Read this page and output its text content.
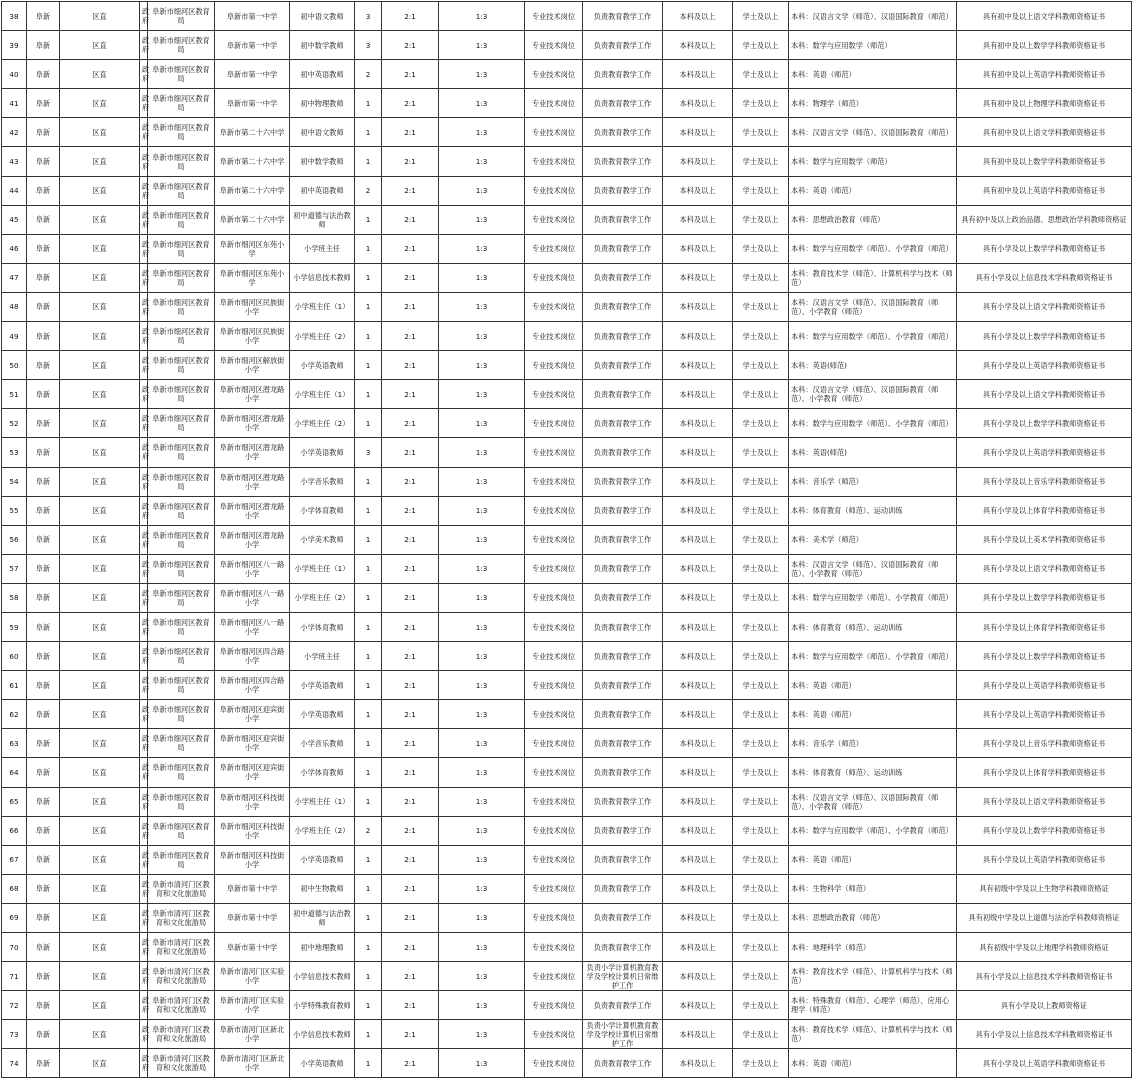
38	阜新	区直	政府	阜新市细河区教育局	阜新市第一中学	初中语文教师	3	2:1	1:3	专业技术岗位	负责教育教学工作	本科及以上	学士及以上	本科：汉语言文学（师范）、汉语国际教育（师范）	具有初中及以上语文学科教师资格证书
39	阜新	区直	政府	阜新市细河区教育局	阜新市第一中学	初中数学教师	3	2:1	1:3	专业技术岗位	负责教育教学工作	本科及以上	学士及以上	本科：数学与应用数学（师范）	具有初中及以上数学学科教师资格证书
40	阜新	区直	政府	阜新市细河区教育局	阜新市第一中学	初中英语教师	2	2:1	1:3	专业技术岗位	负责教育教学工作	本科及以上	学士及以上	本科：英语（师范）	具有初中及以上英语学科教师资格证书
41	阜新	区直	政府	阜新市细河区教育局	阜新市第一中学	初中物理教师	1	2:1	1:3	专业技术岗位	负责教育教学工作	本科及以上	学士及以上	本科：物理学（师范）	具有初中及以上物理学科教师资格证书
42	阜新	区直	政府	阜新市细河区教育局	阜新市第二十六中学	初中语文教师	1	2:1	1:3	专业技术岗位	负责教育教学工作	本科及以上	学士及以上	本科：汉语言文学（师范）、汉语国际教育（师范）	具有初中及以上语文学科教师资格证书
43	阜新	区直	政府	阜新市细河区教育局	阜新市第二十六中学	初中数学教师	1	2:1	1:3	专业技术岗位	负责教育教学工作	本科及以上	学士及以上	本科：数学与应用数学（师范）	具有初中及以上数学学科教师资格证书
44	阜新	区直	政府	阜新市细河区教育局	阜新市第二十六中学	初中英语教师	2	2:1	1:3	专业技术岗位	负责教育教学工作	本科及以上	学士及以上	本科：英语（师范）	具有初中及以上英语学科教师资格证书
45	阜新	区直	政府	阜新市细河区教育局	阜新市第二十六中学	初中道德与法治教师	1	2:1	1:3	专业技术岗位	负责教育教学工作	本科及以上	学士及以上	本科：思想政治教育（师范）	具有初中及以上政治品德、思想政治学科教师资格证
46	阜新	区直	政府	阜新市细河区教育局	阜新市细河区东苑小学	小学班主任	1	2:1	1:3	专业技术岗位	负责教育教学工作	本科及以上	学士及以上	本科：数学与应用数学（师范）、小学教育（师范）	具有小学及以上数学学科教师资格证书
47	阜新	区直	政府	阜新市细河区教育局	阜新市细河区东苑小学	小学信息技术教师	1	2:1	1:3	专业技术岗位	负责教育教学工作	本科及以上	学士及以上	本科：教育技术学（师范）、计算机科学与技术（师范）	具有小学及以上信息技术学科教师资格证书
48	阜新	区直	政府	阜新市细河区教育局	阜新市细河区民族街小学	小学班主任（1）	1	2:1	1:3	专业技术岗位	负责教育教学工作	本科及以上	学士及以上	本科：汉语言文学（师范）、汉语国际教育（师范）、小学教育（师范）	具有小学及以上语文学科教师资格证书
49	阜新	区直	政府	阜新市细河区教育局	阜新市细河区民族街小学	小学班主任（2）	1	2:1	1:3	专业技术岗位	负责教育教学工作	本科及以上	学士及以上	本科：数学与应用数学（师范）、小学教育（师范）	具有小学及以上数学学科教师资格证书
50	阜新	区直	政府	阜新市细河区教育局	阜新市细河区解放街小学	小学英语教师	1	2:1	1:3	专业技术岗位	负责教育教学工作	本科及以上	学士及以上	本科：英语(师范)	具有小学及以上英语学科教师资格证书
51	阜新	区直	政府	阜新市细河区教育局	阜新市细河区潜龙路小学	小学班主任（1）	1	2:1	1:3	专业技术岗位	负责教育教学工作	本科及以上	学士及以上	本科：汉语言文学（师范）、汉语国际教育（师范）、小学教育（师范）	具有小学及以上语文学科教师资格证书
52	阜新	区直	政府	阜新市细河区教育局	阜新市细河区潜龙路小学	小学班主任（2）	1	2:1	1:3	专业技术岗位	负责教育教学工作	本科及以上	学士及以上	本科：数学与应用数学（师范）、小学教育（师范）	具有小学及以上数学学科教师资格证书
53	阜新	区直	政府	阜新市细河区教育局	阜新市细河区潜龙路小学	小学英语教师	3	2:1	1:3	专业技术岗位	负责教育教学工作	本科及以上	学士及以上	本科：英语(师范)	具有小学及以上英语学科教师资格证书
54	阜新	区直	政府	阜新市细河区教育局	阜新市细河区潜龙路小学	小学音乐教师	1	2:1	1:3	专业技术岗位	负责教育教学工作	本科及以上	学士及以上	本科：音乐学（师范）	具有小学及以上音乐学科教师资格证书
55	阜新	区直	政府	阜新市细河区教育局	阜新市细河区潜龙路小学	小学体育教师	1	2:1	1:3	专业技术岗位	负责教育教学工作	本科及以上	学士及以上	本科：体育教育（师范）、运动训练	具有小学及以上体育学科教师资格证书
56	阜新	区直	政府	阜新市细河区教育局	阜新市细河区潜龙路小学	小学美术教师	1	2:1	1:3	专业技术岗位	负责教育教学工作	本科及以上	学士及以上	本科：美术学（师范）	具有小学及以上美术学科教师资格证书
57	阜新	区直	政府	阜新市细河区教育局	阜新市细河区八一路小学	小学班主任（1）	1	2:1	1:3	专业技术岗位	负责教育教学工作	本科及以上	学士及以上	本科：汉语言文学（师范）、汉语国际教育（师范）、小学教育（师范）	具有小学及以上语文学科教师资格证书
58	阜新	区直	政府	阜新市细河区教育局	阜新市细河区八一路小学	小学班主任（2）	1	2:1	1:3	专业技术岗位	负责教育教学工作	本科及以上	学士及以上	本科：数学与应用数学（师范）、小学教育（师范）	具有小学及以上数学学科教师资格证书
59	阜新	区直	政府	阜新市细河区教育局	阜新市细河区八一路小学	小学体育教师	1	2:1	1:3	专业技术岗位	负责教育教学工作	本科及以上	学士及以上	本科：体育教育（师范）、运动训练	具有小学及以上体育学科教师资格证书
60	阜新	区直	政府	阜新市细河区教育局	阜新市细河区四合路小学	小学班主任	1	2:1	1:3	专业技术岗位	负责教育教学工作	本科及以上	学士及以上	本科：数学与应用数学（师范）、小学教育（师范）	具有小学及以上数学学科教师资格证书
61	阜新	区直	政府	阜新市细河区教育局	阜新市细河区四合路小学	小学英语教师	1	2:1	1:3	专业技术岗位	负责教育教学工作	本科及以上	学士及以上	本科：英语（师范）	具有小学及以上英语学科教师资格证书
62	阜新	区直	政府	阜新市细河区教育局	阜新市细河区迎宾街小学	小学英语教师	1	2:1	1:3	专业技术岗位	负责教育教学工作	本科及以上	学士及以上	本科：英语（师范）	具有小学及以上英语学科教师资格证书
63	阜新	区直	政府	阜新市细河区教育局	阜新市细河区迎宾街小学	小学音乐教师	1	2:1	1:3	专业技术岗位	负责教育教学工作	本科及以上	学士及以上	本科：音乐学（师范）	具有小学及以上音乐学科教师资格证书
64	阜新	区直	政府	阜新市细河区教育局	阜新市细河区迎宾街小学	小学体育教师	1	2:1	1:3	专业技术岗位	负责教育教学工作	本科及以上	学士及以上	本科：体育教育（师范）、运动训练	具有小学及以上体育学科教师资格证书
65	阜新	区直	政府	阜新市细河区教育局	阜新市细河区科技街小学	小学班主任（1）	1	2:1	1:3	专业技术岗位	负责教育教学工作	本科及以上	学士及以上	本科：汉语言文学（师范）、汉语国际教育（师范）、小学教育（师范）	具有小学及以上语文学科教师资格证书
66	阜新	区直	政府	阜新市细河区教育局	阜新市细河区科技街小学	小学班主任（2）	2	2:1	1:3	专业技术岗位	负责教育教学工作	本科及以上	学士及以上	本科：数学与应用数学（师范）、小学教育（师范）	具有小学及以上数学学科教师资格证书
67	阜新	区直	政府	阜新市细河区教育局	阜新市细河区科技街小学	小学英语教师	1	2:1	1:3	专业技术岗位	负责教育教学工作	本科及以上	学士及以上	本科：英语（师范）	具有小学及以上英语学科教师资格证书
68	阜新	区直	政府	阜新市清河门区教育和文化旅游局	阜新市第十中学	初中生物教师	1	2:1	1:3	专业技术岗位	负责教育教学工作	本科及以上	学士及以上	本科：生物科学（师范）	具有初级中学及以上生物学科教师资格证
69	阜新	区直	政府	阜新市清河门区教育和文化旅游局	阜新市第十中学	初中道德与法治教师	1	2:1	1:3	专业技术岗位	负责教育教学工作	本科及以上	学士及以上	本科：思想政治教育（师范）	具有初级中学及以上道德与法治学科教师资格证
70	阜新	区直	政府	阜新市清河门区教育和文化旅游局	阜新市第十中学	初中地理教师	1	2:1	1:3	专业技术岗位	负责教育教学工作	本科及以上	学士及以上	本科：地理科学（师范）	具有初级中学及以上地理学科教师资格证
71	阜新	区直	政府	阜新市清河门区教育和文化旅游局	阜新市清河门区实验小学	小学信息技术教师	1	2:1	1:3	专业技术岗位	负责小学计算机教育教学及学校计算机日常维护工作	本科及以上	学士及以上	本科：教育技术学（师范）、计算机科学与技术（师范）	具有小学及以上信息技术学科教师资格证书
72	阜新	区直	政府	阜新市清河门区教育和文化旅游局	阜新市清河门区实验小学	小学特殊教育教师	1	2:1	1:3	专业技术岗位	负责教育教学工作	本科及以上	学士及以上	本科：特殊教育（师范）、心理学（师范）、应用心理学（师范）	具有小学及以上教师资格证
73	阜新	区直	政府	阜新市清河门区教育和文化旅游局	阜新市清河门区新北小学	小学信息技术教师	1	2:1	1:3	专业技术岗位	负责小学计算机教育教学及学校计算机日常维护工作	本科及以上	学士及以上	本科：教育技术学（师范）、计算机科学与技术（师范）	具有小学及以上信息技术学科教师资格证书
74	阜新	区直	政府	阜新市清河门区教育和文化旅游局	阜新市清河门区新北小学	小学英语教师	1	2:1	1:3	专业技术岗位	负责教育教学工作	本科及以上	学士及以上	本科：英语（师范）	具有小学及以上英语学科教师资格证书
